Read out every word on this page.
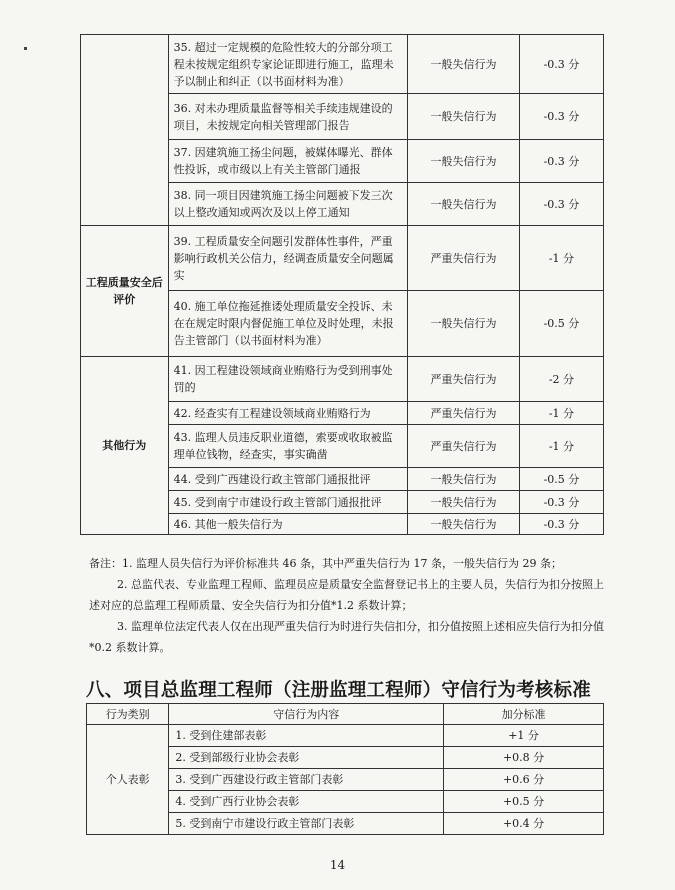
	35. 超过一定规模的危险性较大的分部分项工程未按规定组织专家论证即进行施工，监理未予以制止和纠正（以书面材料为准）	一般失信行为	-0.3 分
	36. 对未办理质量监督等相关手续违规建设的项目，未按规定向相关管理部门报告	一般失信行为	-0.3 分
	37. 因建筑施工扬尘问题，被媒体曝光、群体性投诉，或市级以上有关主管部门通报	一般失信行为	-0.3 分
	38. 同一项目因建筑施工扬尘问题被下发三次以上整改通知或两次及以上停工通知	一般失信行为	-0.3 分
工程质量安全后评价	39. 工程质量安全问题引发群体性事件，严重影响行政机关公信力，经调查质量安全问题属实	严重失信行为	-1 分
	40. 施工单位拖延推诿处理质量安全投诉、未在在规定时限内督促施工单位及时处理，未报告主管部门（以书面材料为准）	一般失信行为	-0.5 分
其他行为	41. 因工程建设领域商业贿赂行为受到刑事处罚的	严重失信行为	-2 分
	42. 经查实有工程建设领域商业贿赂行为	严重失信行为	-1 分
	43. 监理人员违反职业道德，索要或收取被监理单位钱物，经查实，事实确凿	严重失信行为	-1 分
	44. 受到广西建设行政主管部门通报批评	一般失信行为	-0.5 分
	45. 受到南宁市建设行政主管部门通报批评	一般失信行为	-0.3 分
	46. 其他一般失信行为	一般失信行为	-0.3 分

备注：1. 监理人员失信行为评价标准共 46 条，其中严重失信行为 17 条，一般失信行为 29 条；

2. 总监代表、专业监理工程师、监理员应是质量安全监督登记书上的主要人员，失信行为扣分按照上述对应的总监理工程师质量、安全失信行为扣分值*1.2 系数计算；

3. 监理单位法定代表人仅在出现严重失信行为时进行失信扣分，扣分值按照上述相应失信行为扣分值*0.2 系数计算。

八、项目总监理工程师（注册监理工程师）守信行为考核标准
行为类别	守信行为内容	加分标准
个人表彰	1. 受到住建部表彰	+1 分
	2. 受到部级行业协会表彰	+0.8 分
	3. 受到广西建设行政主管部门表彰	+0.6 分
	4. 受到广西行业协会表彰	+0.5 分
	5. 受到南宁市建设行政主管部门表彰	+0.4 分
14
